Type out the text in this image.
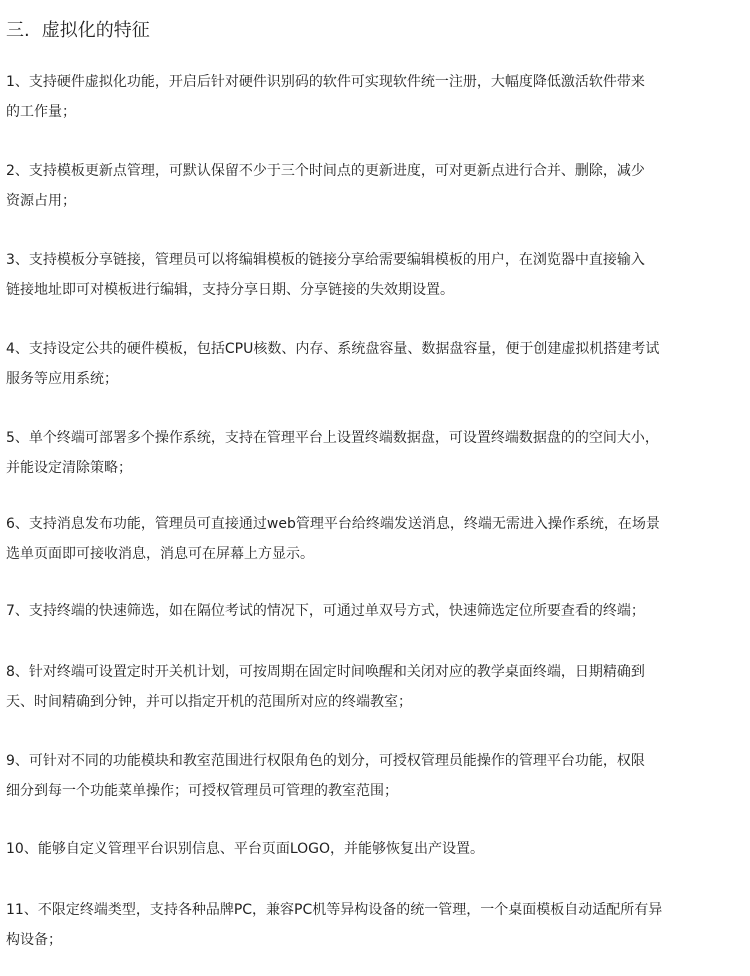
三. 虚拟化的特征
1、支持硬件虚拟化功能，开启后针对硬件识别码的软件可实现软件统一注册，大幅度降低激活软件带来
的工作量；
2、支持模板更新点管理，可默认保留不少于三个时间点的更新进度，可对更新点进行合并、删除，减少
资源占用；
3、支持模板分享链接，管理员可以将编辑模板的链接分享给需要编辑模板的用户，在浏览器中直接输入
链接地址即可对模板进行编辑，支持分享日期、分享链接的失效期设置。
4、支持设定公共的硬件模板，包括CPU核数、内存、系统盘容量、数据盘容量，便于创建虚拟机搭建考试
服务等应用系统；
5、单个终端可部署多个操作系统，支持在管理平台上设置终端数据盘，可设置终端数据盘的的空间大小，
并能设定清除策略；
6、支持消息发布功能，管理员可直接通过web管理平台给终端发送消息，终端无需进入操作系统，在场景
选单页面即可接收消息，消息可在屏幕上方显示。
7、支持终端的快速筛选，如在隔位考试的情况下，可通过单双号方式，快速筛选定位所要查看的终端；
8、针对终端可设置定时开关机计划，可按周期在固定时间唤醒和关闭对应的教学桌面终端，日期精确到
天、时间精确到分钟，并可以指定开机的范围所对应的终端教室；
9、可针对不同的功能模块和教室范围进行权限角色的划分，可授权管理员能操作的管理平台功能，权限
细分到每一个功能菜单操作；可授权管理员可管理的教室范围；
10、能够自定义管理平台识别信息、平台页面LOGO，并能够恢复出产设置。
11、不限定终端类型，支持各种品牌PC，兼容PC机等异构设备的统一管理，一个桌面模板自动适配所有异
构设备；
